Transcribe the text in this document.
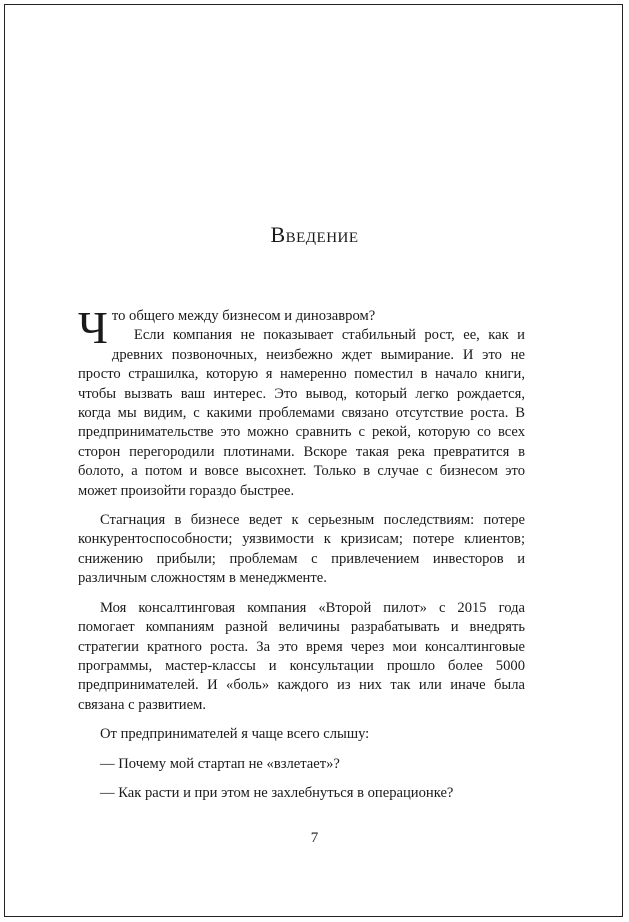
Введение

Что общего между бизнесом и динозавром?

Если компания не показывает стабильный рост, ее, как и древних позвоночных, неизбежно ждет вымирание. И это не просто страшилка, которую я намеренно поместил в начало книги, чтобы вызвать ваш интерес. Это вывод, который легко рождается, когда мы видим, с какими проблемами связано отсутствие роста. В предпринимательстве это можно сравнить с рекой, которую со всех сторон перегородили плотинами. Вскоре такая река превратится в болото, а потом и вовсе высохнет. Только в случае с бизнесом это может произойти гораздо быстрее.

Стагнация в бизнесе ведет к серьезным последствиям: потере конкурентоспособности; уязвимости к кризисам; потере клиентов; снижению прибыли; проблемам с привлечением инвесторов и различным сложностям в менеджменте.

Моя консалтинговая компания «Второй пилот» с 2015 года помогает компаниям разной величины разрабатывать и внедрять стратегии кратного роста. За это время через мои консалтинговые программы, мастер-классы и консультации прошло более 5000 предпринимателей. И «боль» каждого из них так или иначе была связана с развитием.

От предпринимателей я чаще всего слышу:

— Почему мой стартап не «взлетает»?

— Как расти и при этом не захлебнуться в операционке?

7
